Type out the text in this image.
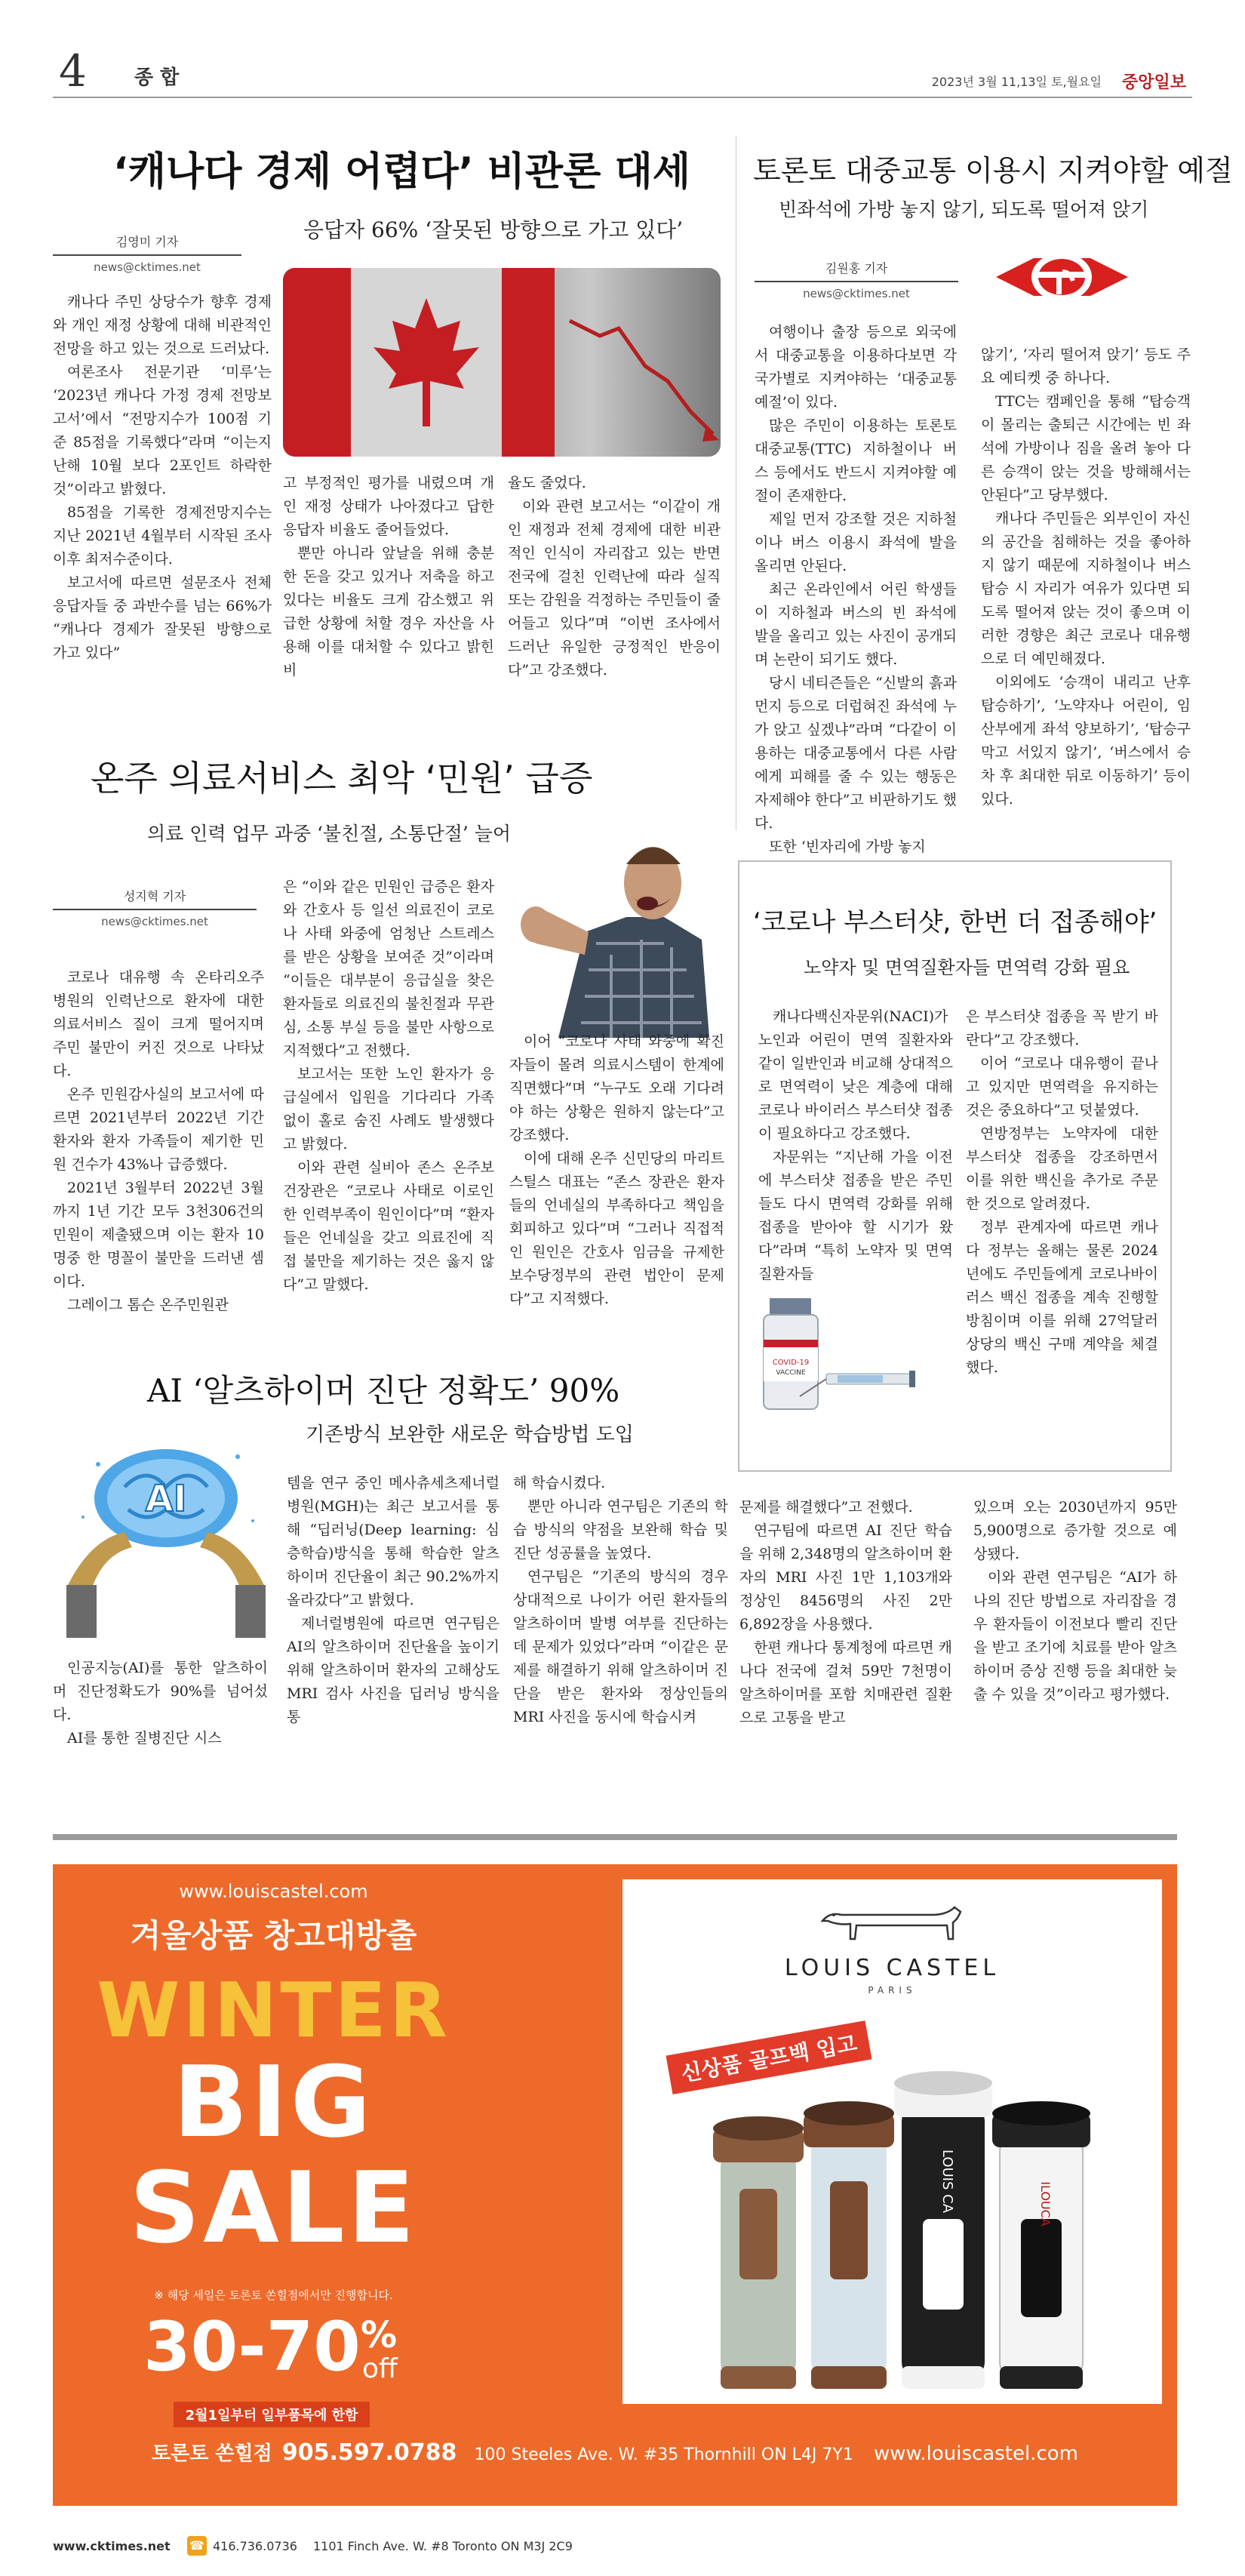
4 종 합	2023년 3월 11,13일 토,월요일 중앙일보
‘캐나다 경제 어렵다’ 비관론 대세
응답자 66% ‘잘못된 방향으로 가고 있다’
김영미 기자
news@cktimes.net

캐나다 주민 상당수가 향후 경제와 개인 재정 상황에 대해 비관적인 전망을 하고 있는 것으로 드러났다.

여론조사 전문기관 ‘미루’는 ‘2023년 캐나다 가정 경제 전망보고서’에서 “전망지수가 100점 기준 85점을 기록했다”라며 “이는지난해 10월 보다 2포인트 하락한 것”이라고 밝혔다.

85점을 기록한 경제전망지수는 지난 2021년 4월부터 시작된 조사이후 최저수준이다.

보고서에 따르면 설문조사 전체 응답자들 중 과반수를 넘는 66%가 “캐나다 경제가 잘못된 방향으로 가고 있다”

고 부정적인 평가를 내렸으며 개인 재정 상태가 나아졌다고 답한 응답자 비율도 줄어들었다.

뿐만 아니라 앞날을 위해 충분한 돈을 갖고 있거나 저축을 하고 있다는 비율도 크게 감소했고 위급한 상황에 처할 경우 자산을 사용해 이를 대처할 수 있다고 밝힌 비

율도 줄었다.

이와 관련 보고서는 “이같이 개인 재정과 전체 경제에 대한 비관적인 인식이 자리잡고 있는 반면 전국에 걸친 인력난에 따라 실직 또는 감원을 걱정하는 주민들이 줄어들고 있다”며 “이번 조사에서 드러난 유일한 긍정적인 반응이다”고 강조했다.

토론토 대중교통 이용시 지켜야할 예절
빈좌석에 가방 놓지 않기, 되도록 떨어져 앉기
김원홍 기자
news@cktimes.net

여행이나 출장 등으로 외국에서 대중교통을 이용하다보면 각 국가별로 지켜야하는 ‘대중교통 예절’이 있다.

많은 주민이 이용하는 토론토대중교통(TTC) 지하철이나 버스 등에서도 반드시 지켜야할 예절이 존재한다.

제일 먼저 강조할 것은 지하철이나 버스 이용시 좌석에 발을 올리면 안된다.

최근 온라인에서 어린 학생들이 지하철과 버스의 빈 좌석에 발을 올리고 있는 사진이 공개되며 논란이 되기도 했다.

당시 네티즌들은 “신발의 흙과 먼지 등으로 더럽혀진 좌석에 누가 앉고 싶겠냐”라며 “다같이 이용하는 대중교통에서 다른 사람에게 피해를 줄 수 있는 행동은 자제해야 한다”고 비판하기도 했다.

또한 ‘빈자리에 가방 놓지

않기’, ‘자리 떨어져 앉기’ 등도 주요 예티켓 중 하나다.

TTC는 캠페인을 통해 “탑승객이 몰리는 출퇴근 시간에는 빈 좌석에 가방이나 짐을 올려 놓아 다른 승객이 앉는 것을 방해해서는 안된다”고 당부했다.

캐나다 주민들은 외부인이 자신의 공간을 침해하는 것을 좋아하지 않기 때문에 지하철이나 버스 탑승 시 자리가 여유가 있다면 되도록 떨어져 앉는 것이 좋으며 이러한 경향은 최근 코로나 대유행으로 더 예민해졌다.

이외에도 ‘승객이 내리고 난후 탑승하기’, ‘노약자나 어린이, 임산부에게 좌석 양보하기’, ‘탑승구 막고 서있지 않기’, ‘버스에서 승차 후 최대한 뒤로 이동하기’ 등이 있다.

온주 의료서비스 최악 ‘민원’ 급증
의료 인력 업무 과중 ‘불친절, 소통단절’ 늘어
성지혁 기자
news@cktimes.net

코로나 대유행 속 온타리오주 병원의 인력난으로 환자에 대한 의료서비스 질이 크게 떨어지며 주민 불만이 커진 것으로 나타났다.

온주 민원감사실의 보고서에 따르면 2021년부터 2022년 기간 환자와 환자 가족들이 제기한 민원 건수가 43%나 급증했다.

2021년 3월부터 2022년 3월까지 1년 기간 모두 3천306건의 민원이 제출됐으며 이는 환자 10명중 한 명꼴이 불만을 드러낸 셈이다.

그레이그 톰슨 온주민원관

은 “이와 같은 민원인 급증은 환자와 간호사 등 일선 의료진이 코로나 사태 와중에 엄청난 스트레스를 받은 상황을 보여준 것”이라며 “이들은 대부분이 응급실을 찾은 환자들로 의료진의 불친절과 무관심, 소통 부실 등을 불만 사항으로 지적했다”고 전했다.

보고서는 또한 노인 환자가 응급실에서 입원을 기다리다 가족 없이 홀로 숨진 사례도 발생했다고 밝혔다.

이와 관련 실비아 존스 온주보건장관은 “코로나 사태로 이로인한 인력부족이 원인이다”며 “환자들은 언네실을 갖고 의료진에 직접 불만을 제기하는 것은 옳지 않다”고 말했다.

이어 “코로나 사태 와중에 확진자들이 몰려 의료시스템이 한계에 직면했다”며 “누구도 오래 기다려야 하는 상황은 원하지 않는다”고 강조했다.

이에 대해 온주 신민당의 마리트 스틸스 대표는 “존스 장관은 환자들의 언네실의 부족하다고 책임을 회피하고 있다”며 “그러나 직접적인 원인은 간호사 임금을 규제한 보수당정부의 관련 법안이 문제다”고 지적했다.

‘코로나 부스터샷, 한번 더 접종해야’
노약자 및 면역질환자들 면역력 강화 필요

캐나다백신자문위(NACI)가 노인과 어린이 면역 질환자와 같이 일반인과 비교해 상대적으로 면역력이 낮은 계층에 대해 코로나 바이러스 부스터샷 접종이 필요하다고 강조했다.

자문위는 “지난해 가을 이전에 부스터샷 접종을 받은 주민들도 다시 면역력 강화를 위해 접종을 받아야 할 시기가 왔다”라며 “특히 노약자 및 면역 질환자들

은 부스터샷 접종을 꼭 받기 바란다”고 강조했다.

이어 “코로나 대유행이 끝나고 있지만 면역력을 유지하는 것은 중요하다”고 덧붙였다.

연방정부는 노약자에 대한 부스터샷 접종을 강조하면서 이를 위한 백신을 추가로 주문한 것으로 알려졌다.

정부 관계자에 따르면 캐나다 정부는 올해는 물론 2024년에도 주민들에게 코로나바이러스 백신 접종을 계속 진행할 방침이며 이를 위해 27억달러 상당의 백신 구매 계약을 체결했다.

COVID-19
VACCINE
AI ‘알츠하이머 진단 정확도’ 90%
기존방식 보완한 새로운 학습방법 도입
AI

인공지능(AI)를 통한 알츠하이머 진단정확도가 90%를 넘어섰다.

AI를 통한 질병진단 시스

템을 연구 중인 메사츄세츠제너럴병원(MGH)는 최근 보고서를 통해 “딥러닝(Deep learning: 심층학습)방식을 통해 학습한 알츠하이머 진단율이 최근 90.2%까지 올라갔다”고 밝혔다.

제너럴병원에 따르면 연구팀은 AI의 알츠하이머 진단율을 높이기 위해 알츠하이머 환자의 고해상도 MRI 검사 사진을 딥러닝 방식을 통

해 학습시켰다.

뿐만 아니라 연구팀은 기존의 학습 방식의 약점을 보완해 학습 및 진단 성공률을 높였다.

연구팀은 “기존의 방식의 경우 상대적으로 나이가 어린 환자들의 알츠하이머 발병 여부를 진단하는 데 문제가 있었다”라며 “이같은 문제를 해결하기 위해 알츠하이머 진단을 받은 환자와 정상인들의 MRI 사진을 동시에 학습시켜

문제를 해결했다”고 전했다.

연구팀에 따르면 AI 진단 학습을 위해 2,348명의 알츠하이머 환자의 MRI 사진 1만 1,103개와 정상인 8456명의 사진 2만 6,892장을 사용했다.

한편 캐나다 통계청에 따르면 캐나다 전국에 걸쳐 59만 7천명이 알츠하이머를 포함 치매관련 질환으로 고통을 받고

있으며 오는 2030년까지 95만 5,900명으로 증가할 것으로 예상됐다.

이와 관련 연구팀은 “AI가 하나의 진단 방법으로 자리잡을 경우 환자들이 이전보다 빨리 진단을 받고 조기에 치료를 받아 알츠하이머 증상 진행 등을 최대한 늦출 수 있을 것”이라고 평가했다.

www.louiscastel.com
겨울상품 창고대방출
WINTER
BIG
SALE
※ 해당 세일은 토론토 쏜힐점에서만 진행합니다.
30-70 %
off
2월1일부터 일부품목에 한함
LOUIS CASTEL
PARIS
신상품 골프백 입고
LOUIS CA	ILOUCA
토론토 쏜힐점 905.597.0788 100 Steeles Ave. W. #35 Thornhill ON L4J 7Y1 www.louiscastel.com
www.cktimes.net ☎ 416.736.0736 1101 Finch Ave. W. #8 Toronto ON M3J 2C9
